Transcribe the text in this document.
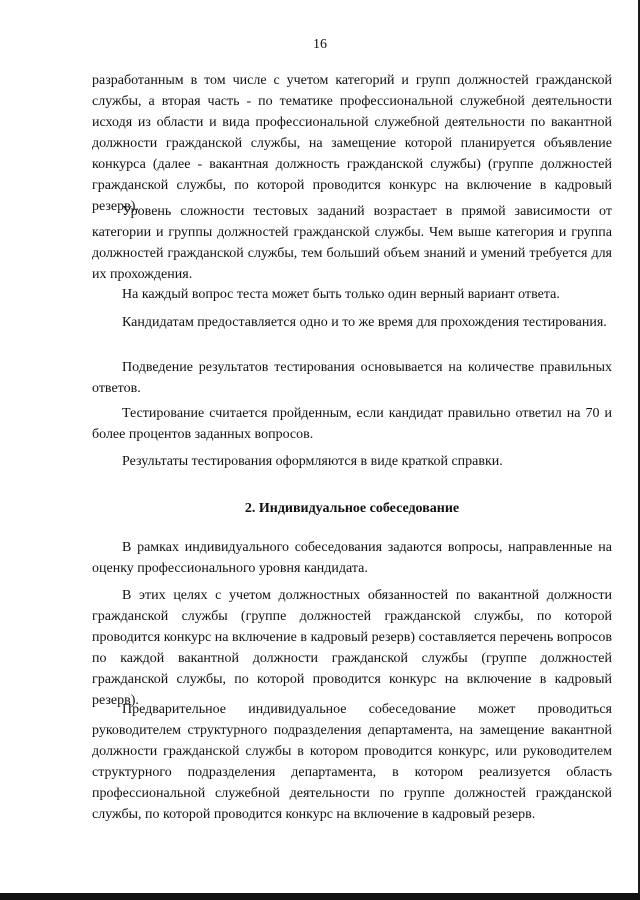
16

разработанным в том числе с учетом категорий и групп должностей гражданской службы, а вторая часть - по тематике профессиональной служебной деятельности исходя из области и вида профессиональной служебной деятельности по вакантной должности гражданской службы, на замещение которой планируется объявление конкурса (далее - вакантная должность гражданской службы) (группе должностей гражданской службы, по которой проводится конкурс на включение в кадровый резерв).

Уровень сложности тестовых заданий возрастает в прямой зависимости от категории и группы должностей гражданской службы. Чем выше категория и группа должностей гражданской службы, тем больший объем знаний и умений требуется для их прохождения.

На каждый вопрос теста может быть только один верный вариант ответа.

Кандидатам предоставляется одно и то же время для прохождения тестирования.

Подведение результатов тестирования основывается на количестве правильных ответов.

Тестирование считается пройденным, если кандидат правильно ответил на 70 и более процентов заданных вопросов.

Результаты тестирования оформляются в виде краткой справки.

2. Индивидуальное собеседование

В рамках индивидуального собеседования задаются вопросы, направленные на оценку профессионального уровня кандидата.

В этих целях с учетом должностных обязанностей по вакантной должности гражданской службы (группе должностей гражданской службы, по которой проводится конкурс на включение в кадровый резерв) составляется перечень вопросов по каждой вакантной должности гражданской службы (группе должностей гражданской службы, по которой проводится конкурс на включение в кадровый резерв).

Предварительное индивидуальное собеседование может проводиться руководителем структурного подразделения департамента, на замещение вакантной должности гражданской службы в котором проводится конкурс, или руководителем структурного подразделения департамента, в котором реализуется область профессиональной служебной деятельности по группе должностей гражданской службы, по которой проводится конкурс на включение в кадровый резерв.
